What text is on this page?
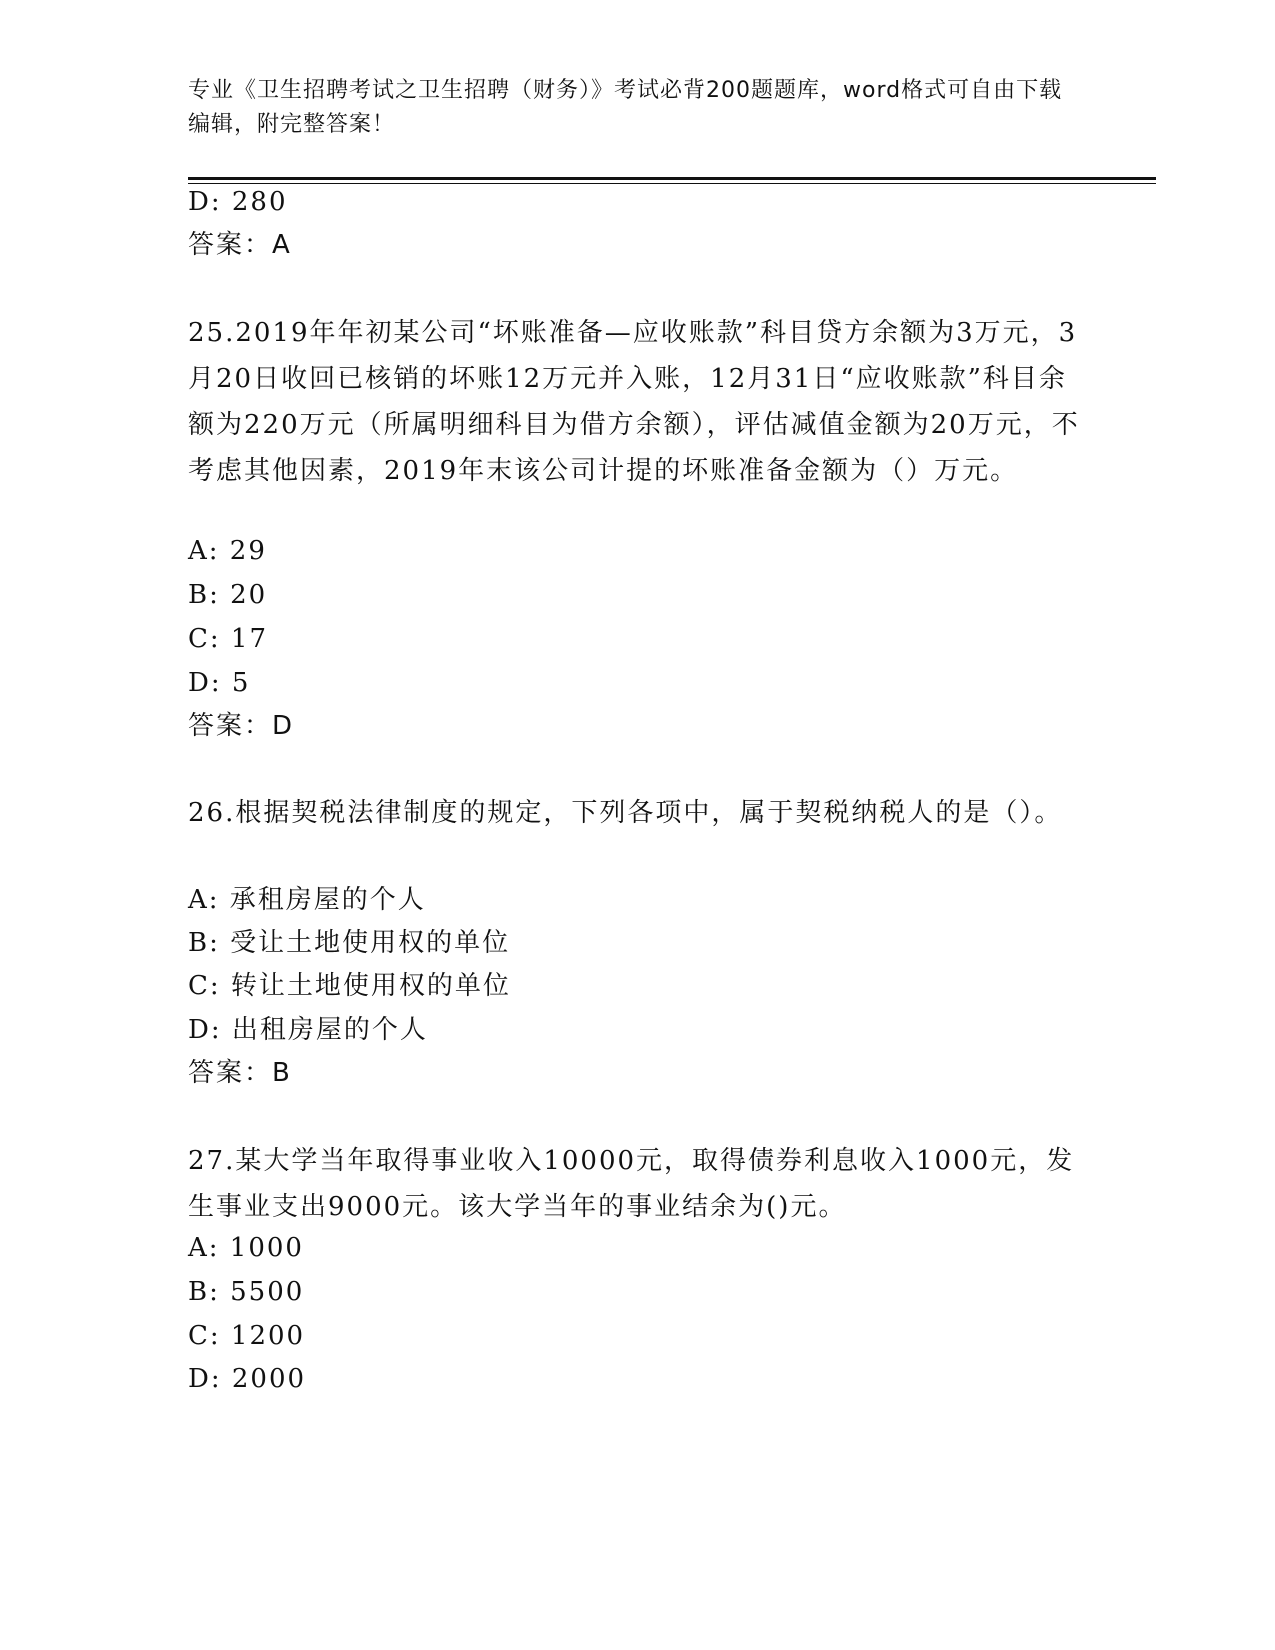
专业《卫生招聘考试之卫生招聘（财务）》考试必背200题题库，word格式可自由下载编辑，附完整答案！
D: 280
答案：A
25.2019年年初某公司“坏账准备—应收账款”科目贷方余额为3万元，3月20日收回已核销的坏账12万元并入账，12月31日“应收账款”科目余额为220万元（所属明细科目为借方余额），评估减值金额为20万元，不考虑其他因素，2019年末该公司计提的坏账准备金额为（）万元。
A: 29
B: 20
C: 17
D: 5
答案：D
26.根据契税法律制度的规定，下列各项中，属于契税纳税人的是（）。
A: 承租房屋的个人
B: 受让土地使用权的单位
C: 转让土地使用权的单位
D: 出租房屋的个人
答案：B
27.某大学当年取得事业收入10000元，取得债券利息收入1000元，发生事业支出9000元。该大学当年的事业结余为()元。
A: 1000
B: 5500
C: 1200
D: 2000
